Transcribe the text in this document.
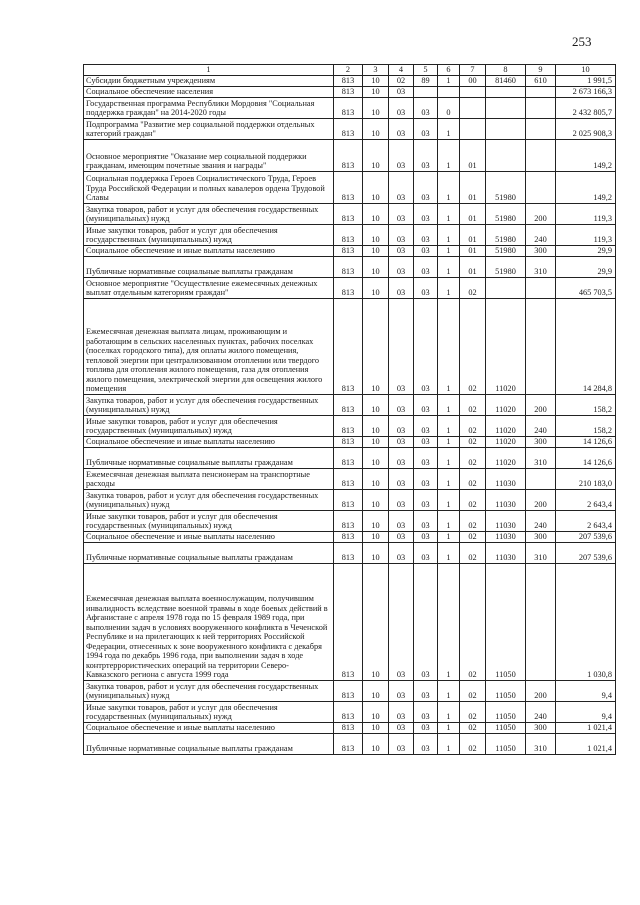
253
1	2	3	4	5	6	7	8	9	10
Субсидии бюджетным учреждениям	813	10	02	89	1	00	81460	610	1 991,5
Социальное обеспечение населения	813	10	03						2 673 166,3
Государственная программа Республики Мордовия "Социальная поддержка граждан" на 2014-2020 годы	813	10	03	03	0				2 432 805,7
Подпрограмма "Развитие мер социальной поддержки отдельных категорий граждан"	813	10	03	03	1				2 025 908,3
Основное мероприятие "Оказание мер социальной поддержки гражданам, имеющим почетные звания и награды"	813	10	03	03	1	01			149,2
Социальная поддержка Героев Социалистического Труда, Героев Труда Российской Федерации и полных кавалеров ордена Трудовой Славы	813	10	03	03	1	01	51980		149,2
Закупка товаров, работ и услуг для обеспечения государственных (муниципальных) нужд	813	10	03	03	1	01	51980	200	119,3
Иные закупки товаров, работ и услуг для обеспечения государственных (муниципальных) нужд	813	10	03	03	1	01	51980	240	119,3
Социальное обеспечение и иные выплаты населению	813	10	03	03	1	01	51980	300	29,9
Публичные нормативные социальные выплаты гражданам	813	10	03	03	1	01	51980	310	29,9
Основное мероприятие "Осуществление ежемесячных денежных выплат отдельным категориям граждан"	813	10	03	03	1	02			465 703,5
Ежемесячная денежная выплата лицам, проживающим и работающим в сельских населенных пунктах, рабочих поселках (поселках городского типа), для оплаты жилого помещения, тепловой энергии при централизованном отоплении или твердого топлива для отопления жилого помещения, газа для отопления жилого помещения, электрической энергии для освещения жилого помещения	813	10	03	03	1	02	11020		14 284,8
Закупка товаров, работ и услуг для обеспечения государственных (муниципальных) нужд	813	10	03	03	1	02	11020	200	158,2
Иные закупки товаров, работ и услуг для обеспечения государственных (муниципальных) нужд	813	10	03	03	1	02	11020	240	158,2
Социальное обеспечение и иные выплаты населению	813	10	03	03	1	02	11020	300	14 126,6
Публичные нормативные социальные выплаты гражданам	813	10	03	03	1	02	11020	310	14 126,6
Ежемесячная денежная выплата пенсионерам на транспортные расходы	813	10	03	03	1	02	11030		210 183,0
Закупка товаров, работ и услуг для обеспечения государственных (муниципальных) нужд	813	10	03	03	1	02	11030	200	2 643,4
Иные закупки товаров, работ и услуг для обеспечения государственных (муниципальных) нужд	813	10	03	03	1	02	11030	240	2 643,4
Социальное обеспечение и иные выплаты населению	813	10	03	03	1	02	11030	300	207 539,6
Публичные нормативные социальные выплаты гражданам	813	10	03	03	1	02	11030	310	207 539,6
Ежемесячная денежная выплата военнослужащим, получившим инвалидность вследствие военной травмы в ходе боевых действий в Афганистане с апреля 1978 года по 15 февраля 1989 года, при выполнении задач в условиях вооруженного конфликта в Чеченской Республике и на прилегающих к ней территориях Российской Федерации, отнесенных к зоне вооруженного конфликта с декабря 1994 года по декабрь 1996 года, при выполнении задач в ходе контртеррористических операций на территории Северо-Кавказского региона с августа 1999 года	813	10	03	03	1	02	11050		1 030,8
Закупка товаров, работ и услуг для обеспечения государственных (муниципальных) нужд	813	10	03	03	1	02	11050	200	9,4
Иные закупки товаров, работ и услуг для обеспечения государственных (муниципальных) нужд	813	10	03	03	1	02	11050	240	9,4
Социальное обеспечение и иные выплаты населению	813	10	03	03	1	02	11050	300	1 021,4
Публичные нормативные социальные выплаты гражданам	813	10	03	03	1	02	11050	310	1 021,4
